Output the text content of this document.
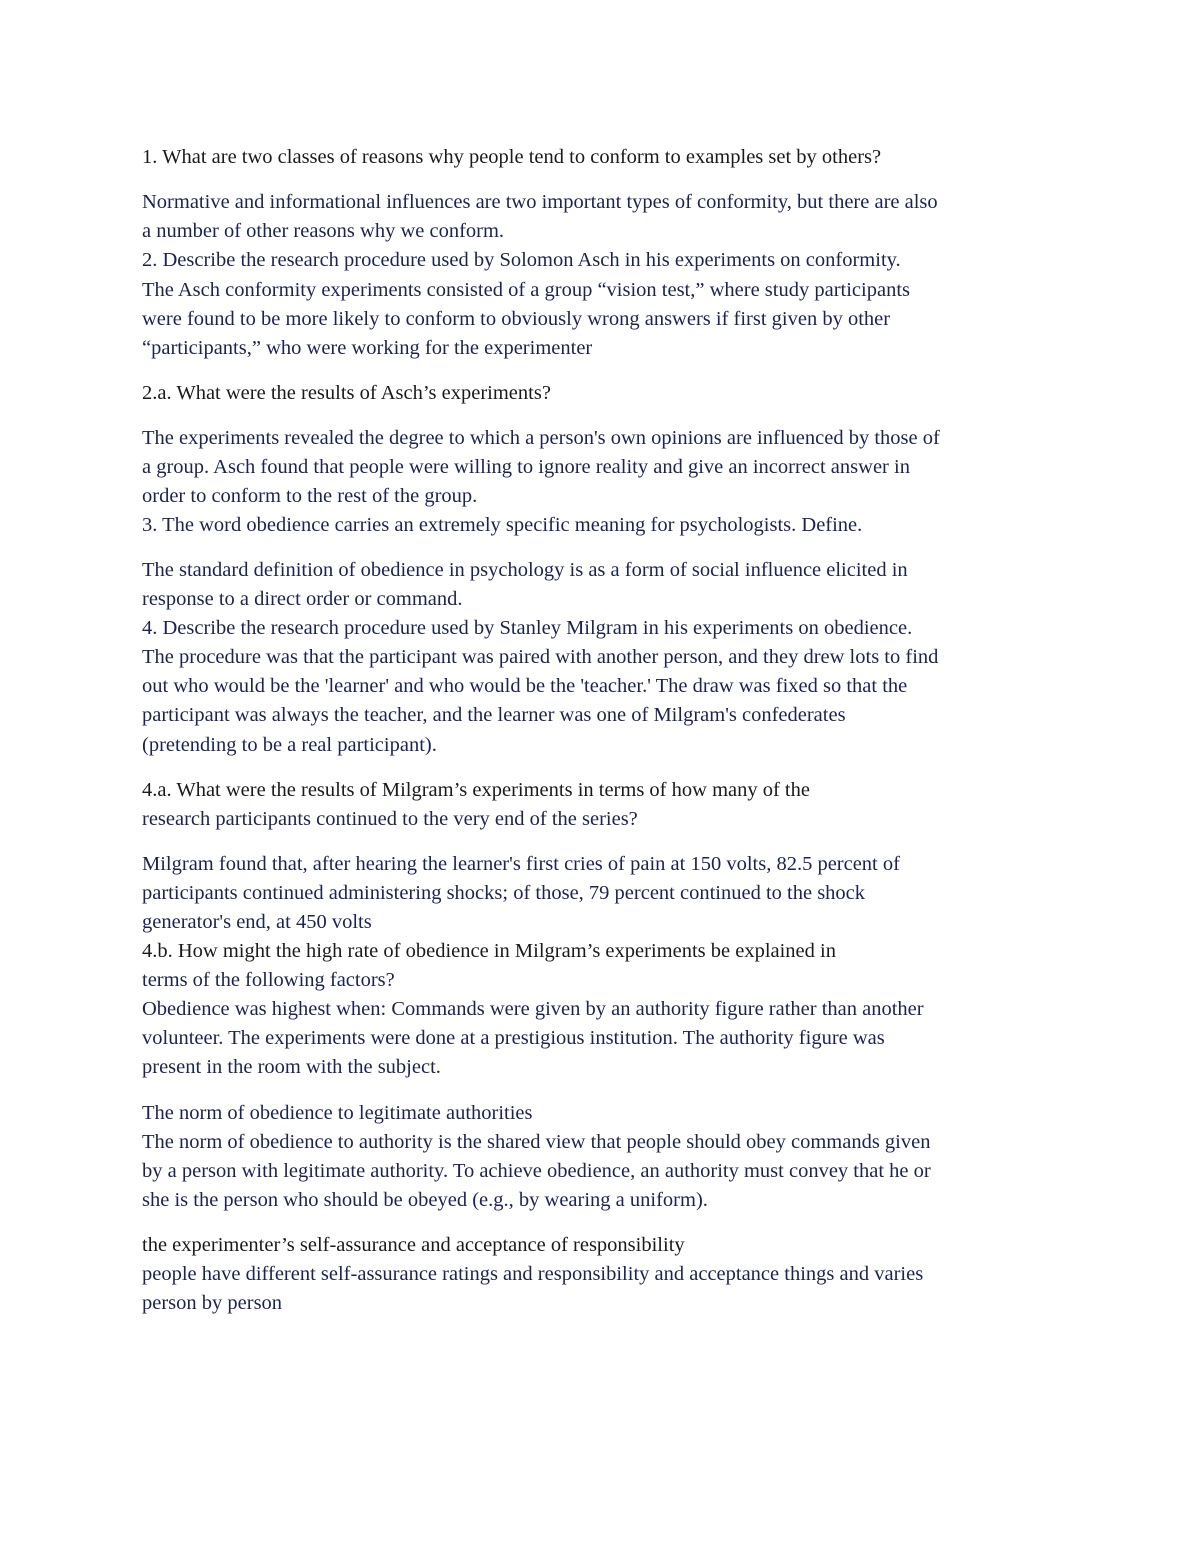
1. What are two classes of reasons why people tend to conform to examples set by others?

Normative and informational influences are two important types of conformity, but there are also

a number of other reasons why we conform.

2. Describe the research procedure used by Solomon Asch in his experiments on conformity.

The Asch conformity experiments consisted of a group “vision test,” where study participants

were found to be more likely to conform to obviously wrong answers if first given by other

“participants,” who were working for the experimenter

2.a. What were the results of Asch’s experiments?

The experiments revealed the degree to which a person's own opinions are influenced by those of

a group. Asch found that people were willing to ignore reality and give an incorrect answer in

order to conform to the rest of the group.

3. The word obedience carries an extremely specific meaning for psychologists. Define.

The standard definition of obedience in psychology is as a form of social influence elicited in

response to a direct order or command.

4. Describe the research procedure used by Stanley Milgram in his experiments on obedience.

The procedure was that the participant was paired with another person, and they drew lots to find

out who would be the 'learner' and who would be the 'teacher.' The draw was fixed so that the

participant was always the teacher, and the learner was one of Milgram's confederates

(pretending to be a real participant).

4.a. What were the results of Milgram’s experiments in terms of how many of the

research participants continued to the very end of the series?

Milgram found that, after hearing the learner's first cries of pain at 150 volts, 82.5 percent of

participants continued administering shocks; of those, 79 percent continued to the shock

generator's end, at 450 volts

4.b. How might the high rate of obedience in Milgram’s experiments be explained in

terms of the following factors?

Obedience was highest when: Commands were given by an authority figure rather than another

volunteer. The experiments were done at a prestigious institution. The authority figure was

present in the room with the subject.

The norm of obedience to legitimate authorities

The norm of obedience to authority is the shared view that people should obey commands given

by a person with legitimate authority. To achieve obedience, an authority must convey that he or

she is the person who should be obeyed (e.g., by wearing a uniform).

the experimenter’s self-assurance and acceptance of responsibility

people have different self-assurance ratings and responsibility and acceptance things and varies

person by person
